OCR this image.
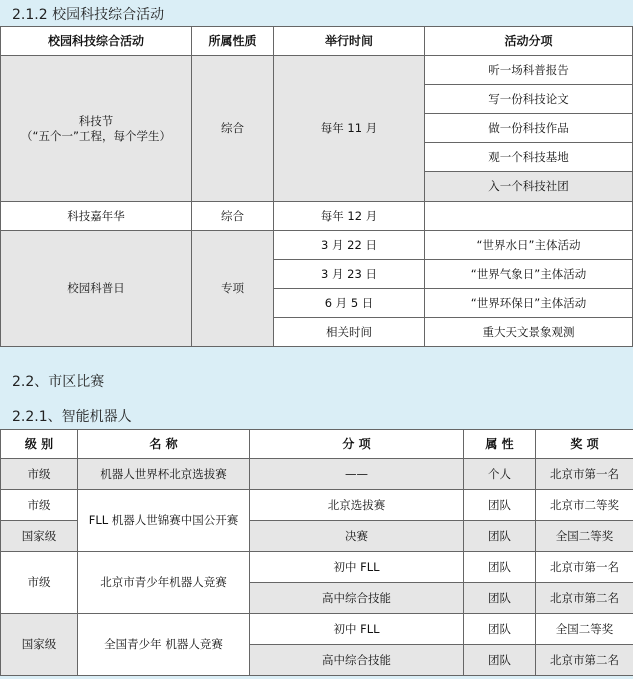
2.1.2 校园科技综合活动
校园科技综合活动	所属性质	举行时间	活动分项

科技节
（“五个一”工程，每个学生）	综合	每年 11 月	听一场科普报告
			写一份科技论文
			做一份科技作品
			观一个科技基地
			入一个科技社团
科技嘉年华	综合	每年 12 月	
校园科普日	专项	3 月 22 日	“世界水日”主体活动
		3 月 23 日	“世界气象日”主体活动
		6 月 5 日	“世界环保日”主体活动
		相关时间	重大天文景象观测
2.2、市区比赛
2.2.1、智能机器人
级 别	名 称	分 项	属 性	奖 项
市级	机器人世界杯北京选拔赛	——	个人	北京市第一名
市级	FLL 机器人世锦赛中国公开赛	北京选拔赛	团队	北京市二等奖
国家级		决赛	团队	全国二等奖
市级	北京市青少年机器人竞赛	初中 FLL	团队	北京市第一名
		高中综合技能	团队	北京市第二名
国家级	全国青少年 机器人竞赛	初中 FLL	团队	全国二等奖
		高中综合技能	团队	北京市第二名
